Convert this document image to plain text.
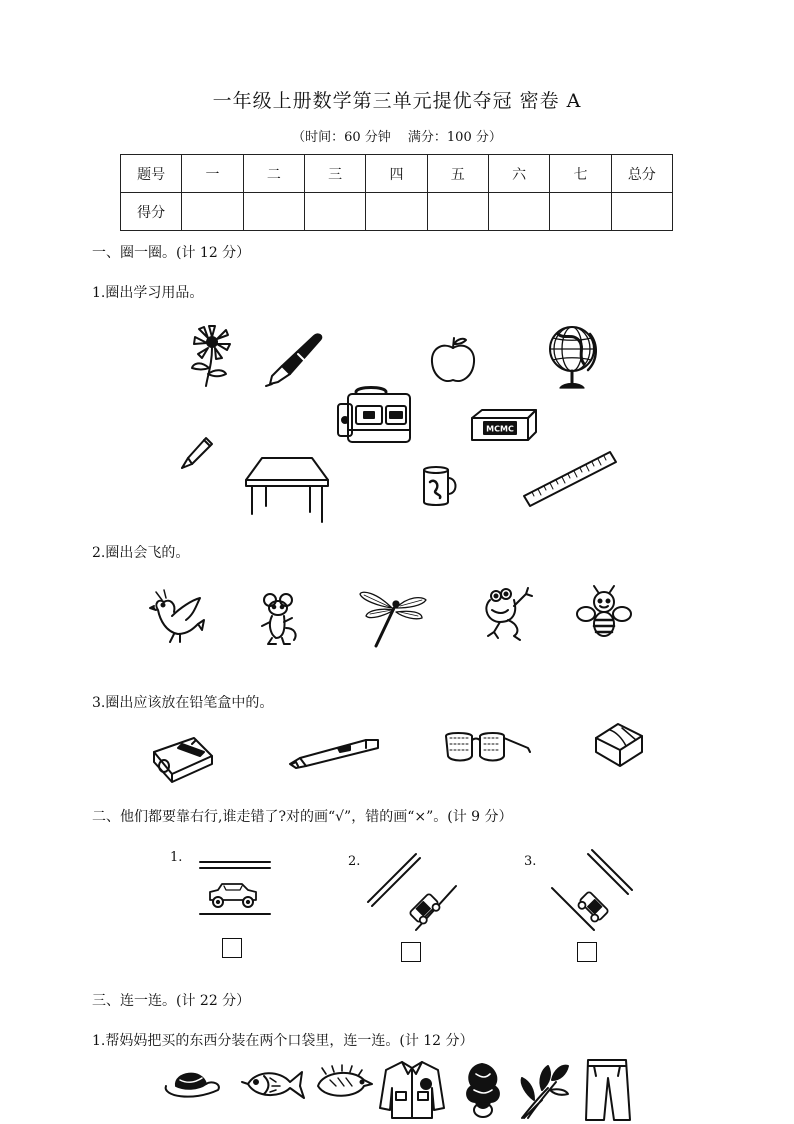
一年级上册数学第三单元提优夺冠 密卷 A
（时间：60 分钟　 满分：100 分）
题号	一	二	三	四	五	六	七	总分
得分								
一、圈一圈。(计 12 分）
1.圈出学习用品。
MCMC
2.圈出会飞的。
3.圈出应该放在铅笔盒中的。
二、他们都要靠右行,谁走错了?对的画“√”，错的画“×”。(计 9 分）
1.	2.	3.
三、连一连。(计 22 分）
1.帮妈妈把买的东西分装在两个口袋里，连一连。(计 12 分）
